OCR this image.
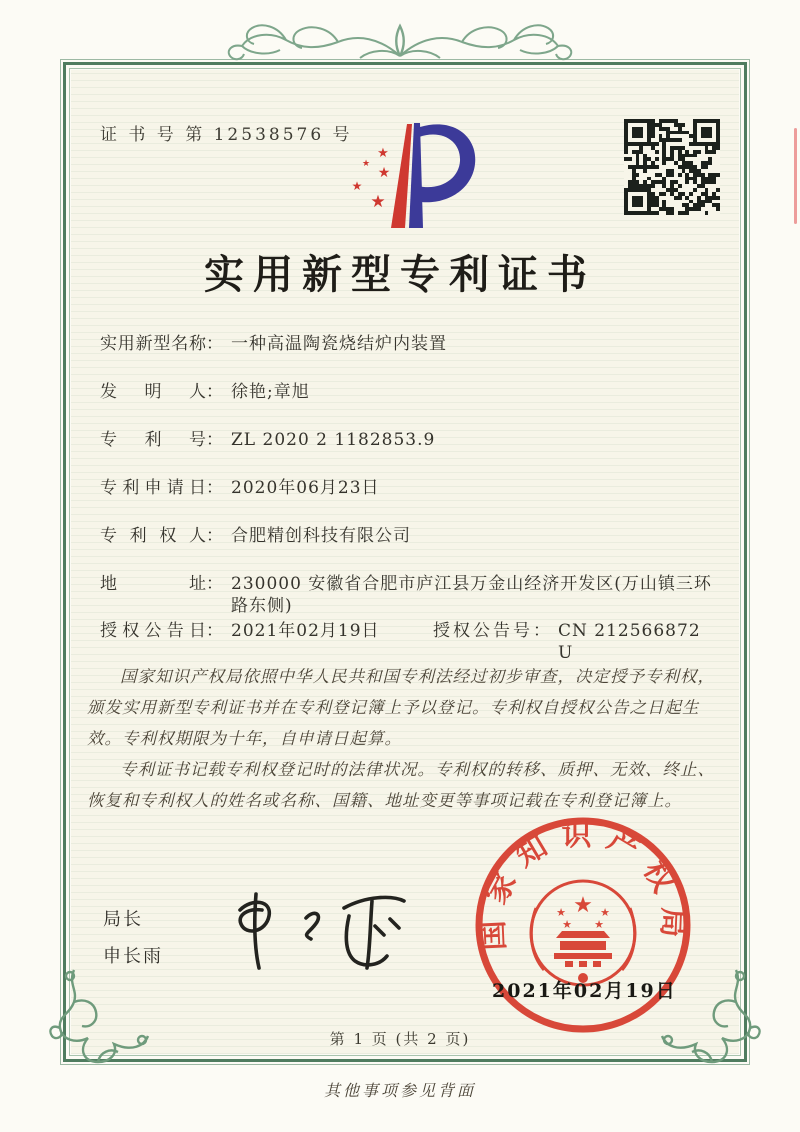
证 书 号 第 12538576 号
★
★
★
★
★
实用新型专利证书
实用新型名称 ： 一种高温陶瓷烧结炉内装置
发明人 ： 徐艳;章旭
专利号 ： ZL 2020 2 1182853.9
专利申请日 ： 2020年06月23日
专利权人 ： 合肥精创科技有限公司
地址 ： 230000 安徽省合肥市庐江县万金山经济开发区(万山镇三环路东侧)
授权公告日 ： 2021年02月19日	授权公告号 ： CN 212566872 U

国家知识产权局依照中华人民共和国专利法经过初步审查，决定授予专利权，颁发实用新型专利证书并在专利登记簿上予以登记。专利权自授权公告之日起生效。专利权期限为十年，自申请日起算。

专利证书记载专利权登记时的法律状况。专利权的转移、质押、无效、终止、恢复和专利权人的姓名或名称、国籍、地址变更等事项记载在专利登记簿上。

局长
申长雨
国家知识产权局
★
★	★
★ ★
2021年02月19日
第 1 页 (共 2 页)
其他事项参见背面
